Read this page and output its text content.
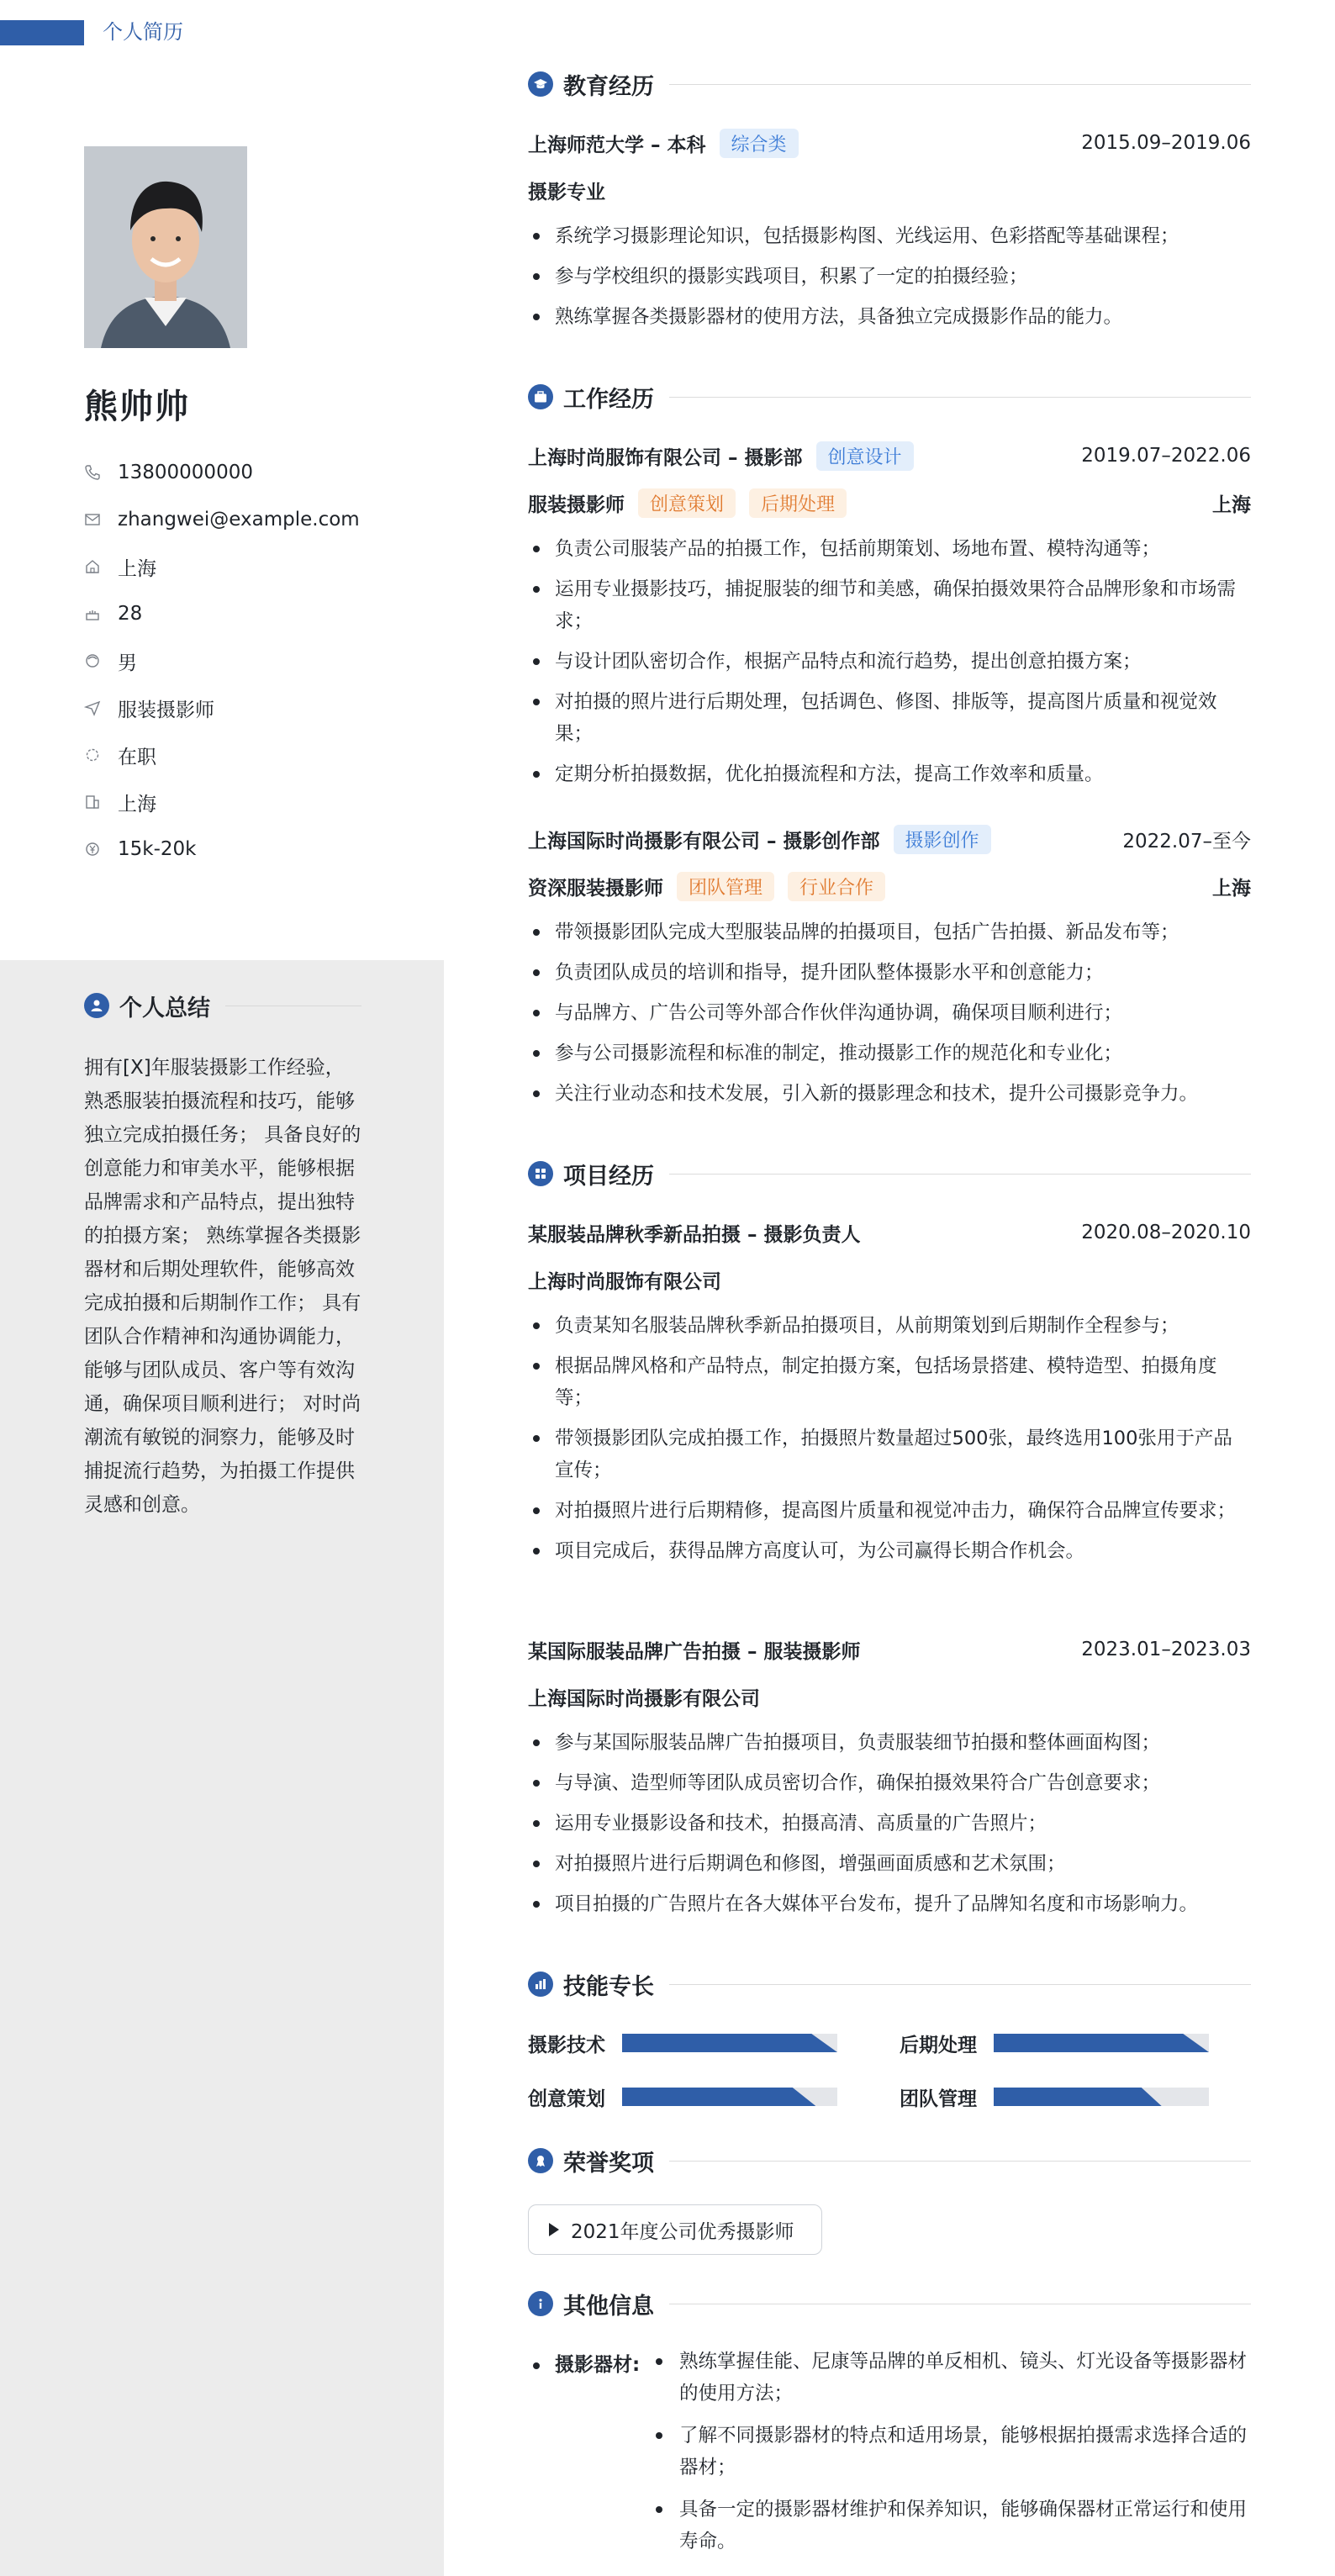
个人简历
熊帅帅
13800000000
zhangwei@example.com
上海
28
男
服装摄影师
在职
上海
15k-20k
个人总结
拥有[X]年服装摄影工作经验，熟悉服装拍摄流程和技巧，能够独立完成拍摄任务； 具备良好的创意能力和审美水平，能够根据品牌需求和产品特点，提出独特的拍摄方案； 熟练掌握各类摄影器材和后期处理软件，能够高效完成拍摄和后期制作工作； 具有团队合作精神和沟通协调能力，能够与团队成员、客户等有效沟通，确保项目顺利进行； 对时尚潮流有敏锐的洞察力，能够及时捕捉流行趋势，为拍摄工作提供灵感和创意。
教育经历
上海师范大学 – 本科	综合类	2015.09–2019.06
摄影专业
系统学习摄影理论知识，包括摄影构图、光线运用、色彩搭配等基础课程；
参与学校组织的摄影实践项目，积累了一定的拍摄经验；
熟练掌握各类摄影器材的使用方法，具备独立完成摄影作品的能力。
工作经历
上海时尚服饰有限公司 – 摄影部	创意设计	2019.07–2022.06
服装摄影师	创意策划	后期处理	上海
负责公司服装产品的拍摄工作，包括前期策划、场地布置、模特沟通等；
运用专业摄影技巧，捕捉服装的细节和美感，确保拍摄效果符合品牌形象和市场需求；
与设计团队密切合作，根据产品特点和流行趋势，提出创意拍摄方案；
对拍摄的照片进行后期处理，包括调色、修图、排版等，提高图片质量和视觉效果；
定期分析拍摄数据，优化拍摄流程和方法，提高工作效率和质量。
上海国际时尚摄影有限公司 – 摄影创作部	摄影创作	2022.07–至今
资深服装摄影师	团队管理	行业合作	上海
带领摄影团队完成大型服装品牌的拍摄项目，包括广告拍摄、新品发布等；
负责团队成员的培训和指导，提升团队整体摄影水平和创意能力；
与品牌方、广告公司等外部合作伙伴沟通协调，确保项目顺利进行；
参与公司摄影流程和标准的制定，推动摄影工作的规范化和专业化；
关注行业动态和技术发展，引入新的摄影理念和技术，提升公司摄影竞争力。
项目经历
某服装品牌秋季新品拍摄 – 摄影负责人	2020.08–2020.10
上海时尚服饰有限公司
负责某知名服装品牌秋季新品拍摄项目，从前期策划到后期制作全程参与；
根据品牌风格和产品特点，制定拍摄方案，包括场景搭建、模特造型、拍摄角度等；
带领摄影团队完成拍摄工作，拍摄照片数量超过500张，最终选用100张用于产品宣传；
对拍摄照片进行后期精修，提高图片质量和视觉冲击力，确保符合品牌宣传要求；
项目完成后，获得品牌方高度认可，为公司赢得长期合作机会。
某国际服装品牌广告拍摄 – 服装摄影师	2023.01–2023.03
上海国际时尚摄影有限公司
参与某国际服装品牌广告拍摄项目，负责服装细节拍摄和整体画面构图；
与导演、造型师等团队成员密切合作，确保拍摄效果符合广告创意要求；
运用专业摄影设备和技术，拍摄高清、高质量的广告照片；
对拍摄照片进行后期调色和修图，增强画面质感和艺术氛围；
项目拍摄的广告照片在各大媒体平台发布，提升了品牌知名度和市场影响力。
技能专长
摄影技术	后期处理
创意策划	团队管理
荣誉奖项
2021年度公司优秀摄影师
其他信息
摄影器材:	熟练掌握佳能、尼康等品牌的单反相机、镜头、灯光设备等摄影器材的使用方法；
了解不同摄影器材的特点和适用场景，能够根据拍摄需求选择合适的器材；
具备一定的摄影器材维护和保养知识，能够确保器材正常运行和使用寿命。
